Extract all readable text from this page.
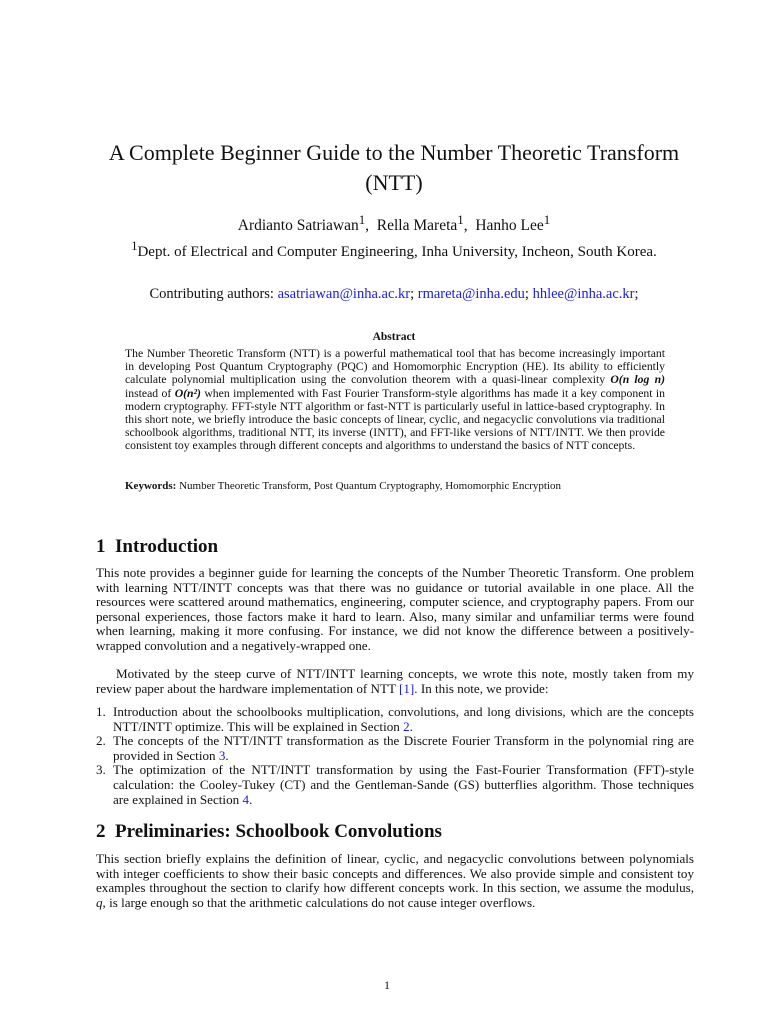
A Complete Beginner Guide to the Number Theoretic Transform (NTT)
Ardianto Satriawan$^1$,  Rella Mareta$^1$,  Hanho Lee$^1$
$^1$Dept. of Electrical and Computer Engineering, Inha University, Incheon, South Korea.
Contributing authors: asatriawan@inha.ac.kr; rmareta@inha.edu; hhlee@inha.ac.kr;
Abstract
The Number Theoretic Transform (NTT) is a powerful mathematical tool that has become increasingly important in developing Post Quantum Cryptography (PQC) and Homomorphic Encryption (HE). Its ability to efficiently calculate polynomial multiplication using the convolution theorem with a quasi-linear complexity O(n log n) instead of O(n²) when implemented with Fast Fourier Transform-style algorithms has made it a key component in modern cryptography. FFT-style NTT algorithm or fast-NTT is particularly useful in lattice-based cryptography. In this short note, we briefly introduce the basic concepts of linear, cyclic, and negacyclic convolutions via traditional schoolbook algorithms, traditional NTT, its inverse (INTT), and FFT-like versions of NTT/INTT. We then provide consistent toy examples through different concepts and algorithms to understand the basics of NTT concepts.
Keywords: Number Theoretic Transform, Post Quantum Cryptography, Homomorphic Encryption
1 Introduction
This note provides a beginner guide for learning the concepts of the Number Theoretic Transform. One problem with learning NTT/INTT concepts was that there was no guidance or tutorial available in one place. All the resources were scattered around mathematics, engineering, computer science, and cryptography papers. From our personal experiences, those factors make it hard to learn. Also, many similar and unfamiliar terms were found when learning, making it more confusing. For instance, we did not know the difference between a positively-wrapped convolution and a negatively-wrapped one.
Motivated by the steep curve of NTT/INTT learning concepts, we wrote this note, mostly taken from my review paper about the hardware implementation of NTT [1]. In this note, we provide:
1. Introduction about the schoolbooks multiplication, convolutions, and long divisions, which are the concepts NTT/INTT optimize. This will be explained in Section 2.
2. The concepts of the NTT/INTT transformation as the Discrete Fourier Transform in the polynomial ring are provided in Section 3.
3. The optimization of the NTT/INTT transformation by using the Fast-Fourier Transformation (FFT)-style calculation: the Cooley-Tukey (CT) and the Gentleman-Sande (GS) butterflies algorithm. Those techniques are explained in Section 4.
2 Preliminaries: Schoolbook Convolutions
This section briefly explains the definition of linear, cyclic, and negacyclic convolutions between polynomials with integer coefficients to show their basic concepts and differences. We also provide simple and consistent toy examples throughout the section to clarify how different concepts work. In this section, we assume the modulus, q, is large enough so that the arithmetic calculations do not cause integer overflows.
1
